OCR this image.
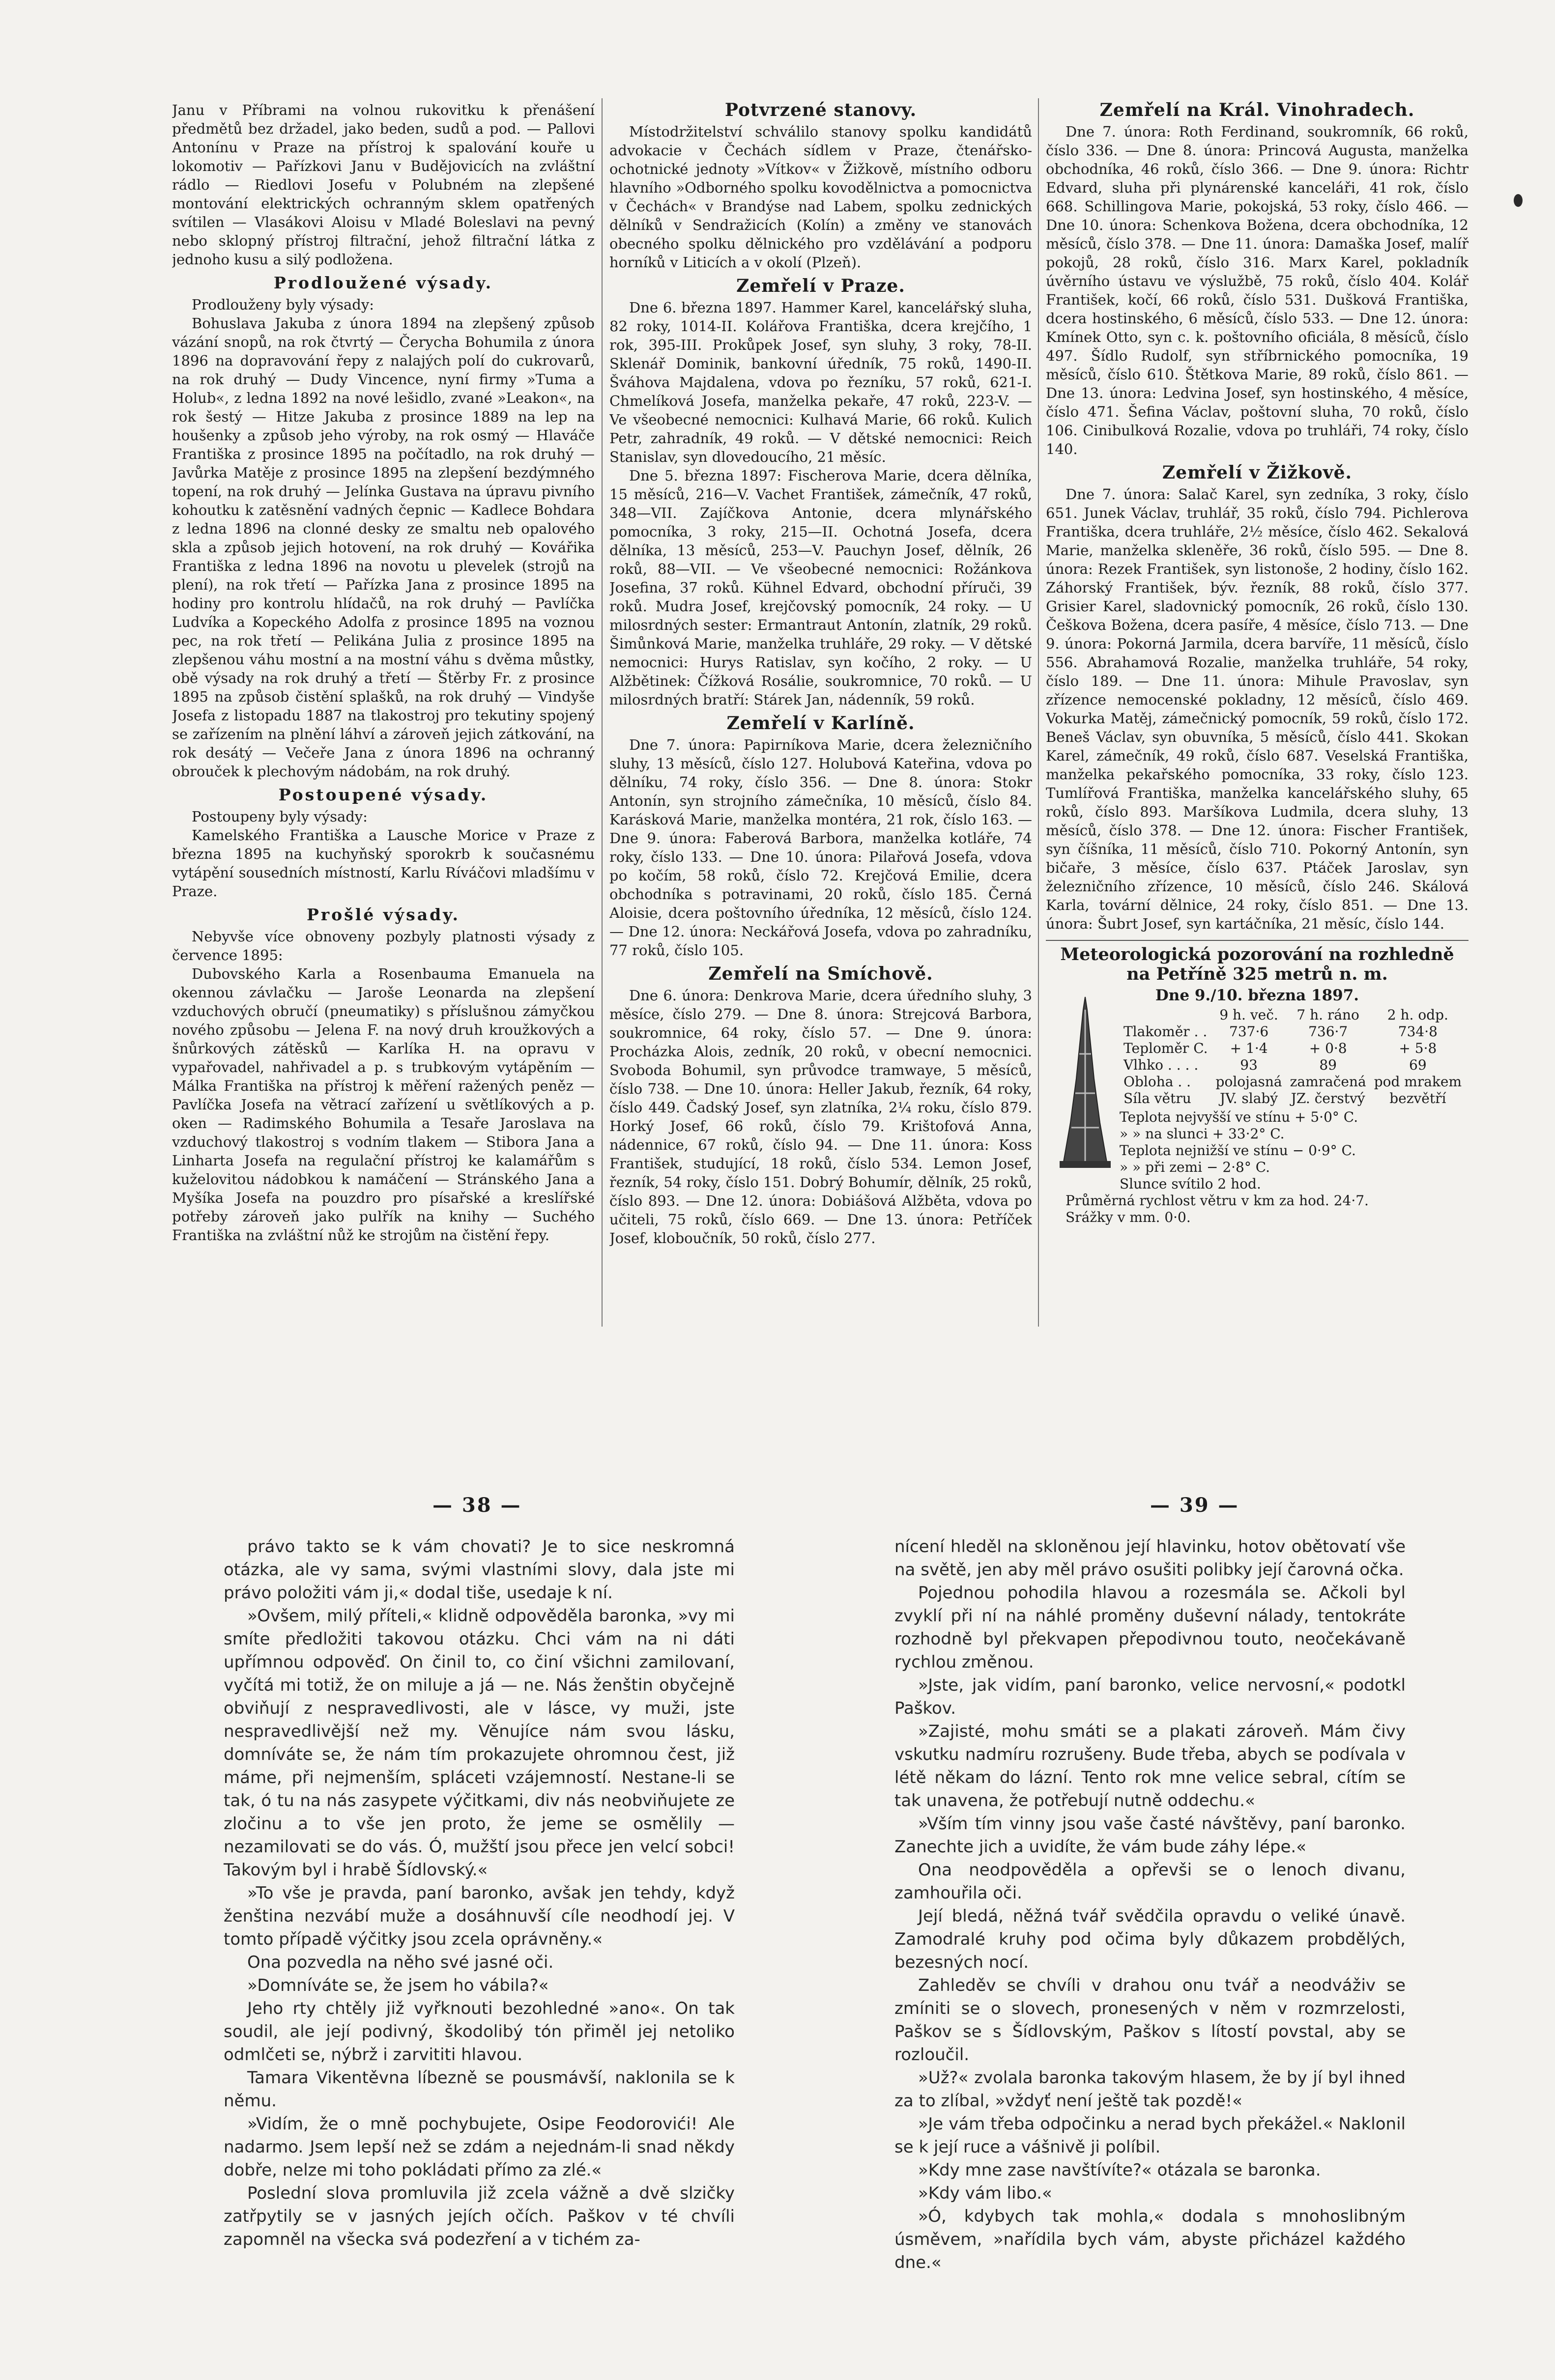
Janu v Příbrami na volnou rukovitku k přenášení předmětů bez držadel, jako beden, sudů a pod. — Pallovi Antonínu v Praze na přístroj k spalování kouře u lokomotiv — Pařízkovi Janu v Budějovicích na zvláštní rádlo — Riedlovi Josefu v Polubném na zlepšené montování elektrických ochranným sklem opatřených svítilen — Vlasákovi Aloisu v Mladé Boleslavi na pevný nebo sklopný přístroj filtrační, jehož filtrační látka z jednoho kusu a silý podložena.

Prodloužené výsady.

Prodlouženy byly výsady:

Bohuslava Jakuba z února 1894 na zlepšený způsob vázání snopů, na rok čtvrtý — Čerycha Bohumila z února 1896 na dopravování řepy z nalajých polí do cukrovarů, na rok druhý — Dudy Vincence, nyní firmy »Tuma a Holub«, z ledna 1892 na nové lešidlo, zvané »Leakon«, na rok šestý — Hitze Jakuba z prosince 1889 na lep na houšenky a způsob jeho výroby, na rok osmý — Hlaváče Františka z prosince 1895 na počítadlo, na rok druhý — Javůrka Matěje z prosince 1895 na zlepšení bezdýmného topení, na rok druhý — Jelínka Gustava na úpravu pivního kohoutku k zatěsnění vadných čepnic — Kadlece Bohdara z ledna 1896 na clonné desky ze smaltu neb opalového skla a způsob jejich hotovení, na rok druhý — Kovářika Františka z ledna 1896 na novotu u plevelek (strojů na plení), na rok třetí — Pařízka Jana z prosince 1895 na hodiny pro kontrolu hlídačů, na rok druhý — Pavlíčka Ludvíka a Kopeckého Adolfa z prosince 1895 na voznou pec, na rok třetí — Pelikána Julia z prosince 1895 na zlepšenou váhu mostní a na mostní váhu s dvěma můstky, obě výsady na rok druhý a třetí — Štěrby Fr. z prosince 1895 na způsob čistění splašků, na rok druhý — Vindyše Josefa z listopadu 1887 na tlakostroj pro tekutiny spojený se zařízením na plnění láhví a zároveň jejich zátkování, na rok desátý — Večeře Jana z února 1896 na ochranný obrouček k plechovým nádobám, na rok druhý.

Postoupené výsady.

Postoupeny byly výsady:

Kamelského Františka a Lausche Morice v Praze z března 1895 na kuchyňský sporokrb k současnému vytápění sousedních místností, Karlu Ríváčovi mladšímu v Praze.

Prošlé výsady.

Nebyvše více obnoveny pozbyly platnosti výsady z července 1895:

Dubovského Karla a Rosenbauma Emanuela na okennou závlačku — Jaroše Leonarda na zlepšení vzduchových obručí (pneumatiky) s příslušnou zámyčkou nového způsobu — Jelena F. na nový druh kroužkových a šnůrkových zátěsků — Karlíka H. na opravu v vypařovadel, nahřivadel a p. s trubkovým vytápěním — Málka Františka na přístroj k měření ražených peněz — Pavlíčka Josefa na větrací zařízení u světlíkových a p. oken — Radimského Bohumila a Tesaře Jaroslava na vzduchový tlakostroj s vodním tlakem — Stibora Jana a Linharta Josefa na regulační přístroj ke kalamářům s kuželovitou nádobkou k namáčení — Stránského Jana a Myšíka Josefa na pouzdro pro písařské a kreslířské potřeby zároveň jako pulřík na knihy — Suchého Františka na zvláštní nůž ke strojům na čistění řepy.

Potvrzené stanovy.

Místodržitelství schválilo stanovy spolku kandidátů advokacie v Čechách sídlem v Praze, čtenářsko-ochotnické jednoty »Vítkov« v Žižkově, místního odboru hlavního »Odborného spolku kovodělnictva a pomocnictva v Čechách« v Brandýse nad Labem, spolku zednických dělníků v Sendražicích (Kolín) a změny ve stanovách obecného spolku dělnického pro vzdělávání a podporu horníků v Liticích a v okolí (Plzeň).

Zemřelí v Praze.

Dne 6. března 1897. Hammer Karel, kancelářský sluha, 82 roky, 1014-II. Kolářova Františka, dcera krejčího, 1 rok, 395-III. Prokůpek Josef, syn sluhy, 3 roky, 78-II. Sklenář Dominik, bankovní úředník, 75 roků, 1490-II. Šváhova Majdalena, vdova po řezníku, 57 roků, 621-I. Chmelíková Josefa, manželka pekaře, 47 roků, 223-V. — Ve všeobecné nemocnici: Kulhavá Marie, 66 roků. Kulich Petr, zahradník, 49 roků. — V dětské nemocnici: Reich Stanislav, syn dlovedoucího, 21 měsíc.

Dne 5. března 1897: Fischerova Marie, dcera dělníka, 15 měsíců, 216—V. Vachet František, zámečník, 47 roků, 348—VII. Zajíčkova Antonie, dcera mlynářského pomocníka, 3 roky, 215—II. Ochotná Josefa, dcera dělníka, 13 měsíců, 253—V. Pauchyn Josef, dělník, 26 roků, 88—VII. — Ve všeobecné nemocnici: Rožánkova Josefina, 37 roků. Kühnel Edvard, obchodní příruči, 39 roků. Mudra Josef, krejčovský pomocník, 24 roky. — U milosrdných sester: Ermantraut Antonín, zlatník, 29 roků. Šimůnková Marie, manželka truhláře, 29 roky. — V dětské nemocnici: Hurys Ratislav, syn kočího, 2 roky. — U Alžbětinek: Čížková Rosálie, soukromnice, 70 roků. — U milosrdných bratří: Stárek Jan, nádenník, 59 roků.

Zemřelí v Karlíně.

Dne 7. února: Papirníkova Marie, dcera železničního sluhy, 13 měsíců, číslo 127. Holubová Kateřina, vdova po dělníku, 74 roky, číslo 356. — Dne 8. února: Stokr Antonín, syn strojního zámečníka, 10 měsíců, číslo 84. Karásková Marie, manželka montéra, 21 rok, číslo 163. — Dne 9. února: Faberová Barbora, manželka kotláře, 74 roky, číslo 133. — Dne 10. února: Pilařová Josefa, vdova po kočím, 58 roků, číslo 72. Krejčová Emilie, dcera obchodníka s potravinami, 20 roků, číslo 185. Černá Aloisie, dcera poštovního úředníka, 12 měsíců, číslo 124. — Dne 12. února: Neckářová Josefa, vdova po zahradníku, 77 roků, číslo 105.

Zemřelí na Smíchově.

Dne 6. února: Denkrova Marie, dcera úředního sluhy, 3 měsíce, číslo 279. — Dne 8. února: Strejcová Barbora, soukromnice, 64 roky, číslo 57. — Dne 9. února: Procházka Alois, zedník, 20 roků, v obecní nemocnici. Svoboda Bohumil, syn průvodce tramwaye, 5 měsíců, číslo 738. — Dne 10. února: Heller Jakub, řezník, 64 roky, číslo 449. Čadský Josef, syn zlatníka, 2¼ roku, číslo 879. Horký Josef, 66 roků, číslo 79. Krištofová Anna, nádennice, 67 roků, číslo 94. — Dne 11. února: Koss František, studující, 18 roků, číslo 534. Lemon Josef, řezník, 54 roky, číslo 151. Dobrý Bohumír, dělník, 25 roků, číslo 893. — Dne 12. února: Dobiášová Alžběta, vdova po učiteli, 75 roků, číslo 669. — Dne 13. února: Petříček Josef, kloboučník, 50 roků, číslo 277.

Zemřelí na Král. Vinohradech.

Dne 7. února: Roth Ferdinand, soukromník, 66 roků, číslo 336. — Dne 8. února: Princová Augusta, manželka obchodníka, 46 roků, číslo 366. — Dne 9. února: Richtr Edvard, sluha při plynárenské kanceláři, 41 rok, číslo 668. Schillingova Marie, pokojská, 53 roky, číslo 466. — Dne 10. února: Schenkova Božena, dcera obchodníka, 12 měsíců, číslo 378. — Dne 11. února: Damaška Josef, malíř pokojů, 28 roků, číslo 316. Marx Karel, pokladník úvěrního ústavu ve výslužbě, 75 roků, číslo 404. Kolář František, kočí, 66 roků, číslo 531. Dušková Františka, dcera hostinského, 6 měsíců, číslo 533. — Dne 12. února: Kmínek Otto, syn c. k. poštovního oficiála, 8 měsíců, číslo 497. Šídlo Rudolf, syn stříbrnického pomocníka, 19 měsíců, číslo 610. Štětkova Marie, 89 roků, číslo 861. — Dne 13. února: Ledvina Josef, syn hostinského, 4 měsíce, číslo 471. Šefina Václav, poštovní sluha, 70 roků, číslo 106. Cinibulková Rozalie, vdova po truhláři, 74 roky, číslo 140.

Zemřelí v Žižkově.

Dne 7. února: Salač Karel, syn zedníka, 3 roky, číslo 651. Junek Václav, truhlář, 35 roků, číslo 794. Pichlerova Františka, dcera truhláře, 2½ měsíce, číslo 462. Sekalová Marie, manželka skleněře, 36 roků, číslo 595. — Dne 8. února: Rezek František, syn listonoše, 2 hodiny, číslo 162. Záhorský František, býv. řezník, 88 roků, číslo 377. Grisier Karel, sladovnický pomocník, 26 roků, číslo 130. Češkova Božena, dcera pasíře, 4 měsíce, číslo 713. — Dne 9. února: Pokorná Jarmila, dcera barvíře, 11 měsíců, číslo 556. Abrahamová Rozalie, manželka truhláře, 54 roky, číslo 189. — Dne 11. února: Mihule Pravoslav, syn zřízence nemocenské pokladny, 12 měsíců, číslo 469. Vokurka Matěj, zámečnický pomocník, 59 roků, číslo 172. Beneš Václav, syn obuvníka, 5 měsíců, číslo 441. Skokan Karel, zámečník, 49 roků, číslo 687. Veselská Františka, manželka pekařského pomocníka, 33 roky, číslo 123. Tumlířová Františka, manželka kancelářského sluhy, 65 roků, číslo 893. Maršíkova Ludmila, dcera sluhy, 13 měsíců, číslo 378. — Dne 12. února: Fischer František, syn číšníka, 11 měsíců, číslo 710. Pokorný Antonín, syn bičaře, 3 měsíce, číslo 637. Ptáček Jaroslav, syn železničního zřízence, 10 měsíců, číslo 246. Skálová Karla, tovární dělnice, 24 roky, číslo 851. — Dne 13. února: Šubrt Josef, syn kartáčníka, 21 měsíc, číslo 144.

Meteorologická pozorování na rozhledně na Petříně 325 metrů n. m.
Dne 9./10. března 1897.
	9 h. več.	7 h. ráno	2 h. odp.
Tlakoměr . .	737·6	736·7	734·8
Teploměr C.	+ 1·4	+ 0·8	+ 5·8
Vlhko . . . .	93	89	69
Obloha . .	polojasná	zamračená	pod mrakem
Síla větru	JV. slabý	JZ. čerstvý	bezvětří
Teplota nejvyšší ve stínu + 5·0° C.
» » na slunci + 33·2° C.
Teplota nejnižší ve stínu − 0·9° C.
» » při zemi − 2·8° C.
Slunce svítilo 2 hod.
Průměrná rychlost větru v km za hod. 24·7.
Srážky v mm. 0·0.
— 38 —	— 39 —

právo takto se k vám chovati? Je to sice neskromná otázka, ale vy sama, svými vlastními slovy, dala jste mi právo položiti vám ji,« dodal tiše, usedaje k ní.

»Ovšem, milý příteli,« klidně odpověděla baronka, »vy mi smíte předložiti takovou otázku. Chci vám na ni dáti upřímnou odpověď. On činil to, co činí všichni zamilovaní, vyčítá mi totiž, že on miluje a já — ne. Nás ženštin obyčejně obviňují z nespravedlivosti, ale v lásce, vy muži, jste nespravedlivější než my. Věnujíce nám svou lásku, domníváte se, že nám tím prokazujete ohromnou čest, již máme, při nejmenším, spláceti vzájemností. Nestane-li se tak, ó tu na nás zasypete výčitkami, div nás neobviňujete ze zločinu a to vše jen proto, že jeme se osmělily — nezamilovati se do vás. Ó, mužští jsou přece jen velcí sobci! Takovým byl i hrabě Šídlovský.«

»To vše je pravda, paní baronko, avšak jen tehdy, když ženština nezvábí muže a dosáhnuvší cíle neodhodí jej. V tomto případě výčitky jsou zcela oprávněny.«

Ona pozvedla na něho své jasné oči.

»Domníváte se, že jsem ho vábila?«

Jeho rty chtěly již vyřknouti bezohledné »ano«. On tak soudil, ale její podivný, škodolibý tón přiměl jej netoliko odmlčeti se, nýbrž i zarvititi hlavou.

Tamara Vikentěvna líbezně se pousmávší, naklonila se k němu.

»Vidím, že o mně pochybujete, Osipe Feodorovići! Ale nadarmo. Jsem lepší než se zdám a nejednám-li snad někdy dobře, nelze mi toho pokládati přímo za zlé.«

Poslední slova promluvila již zcela vážně a dvě slzičky zatřpytily se v jasných jejích očích. Paškov v té chvíli zapomněl na všecka svá podezření a v tichém za-

nícení hleděl na skloněnou její hlavinku, hotov obětovatí vše na světě, jen aby měl právo osušiti polibky její čarovná očka.

Pojednou pohodila hlavou a rozesmála se. Ačkoli byl zvyklí při ní na náhlé proměny duševní nálady, tentokráte rozhodně byl překvapen přepodivnou touto, neočekávaně rychlou změnou.

»Jste, jak vidím, paní baronko, velice nervosní,« podotkl Paškov.

»Zajisté, mohu smáti se a plakati zároveň. Mám čivy vskutku nadmíru rozrušeny. Bude třeba, abych se podívala v létě někam do lázní. Tento rok mne velice sebral, cítím se tak unavena, že potřebují nutně oddechu.«

»Vším tím vinny jsou vaše časté návštěvy, paní baronko. Zanechte jich a uvidíte, že vám bude záhy lépe.«

Ona neodpověděla a opřevši se o lenoch divanu, zamhouřila oči.

Její bledá, něžná tvář svědčila opravdu o veliké únavě. Zamodralé kruhy pod očima byly důkazem probdělých, bezesných nocí.

Zahleděv se chvíli v drahou onu tvář a neodváživ se zmíniti se o slovech, pronesených v něm v rozmrzelosti, Paškov se s Šídlovským, Paškov s lítostí povstal, aby se rozloučil.

»Už?« zvolala baronka takovým hlasem, že by jí byl ihned za to zlíbal, »vždyť není ještě tak pozdě!«

»Je vám třeba odpočinku a nerad bych překážel.« Naklonil se k její ruce a vášnivě ji políbil.

»Kdy mne zase navštívíte?« otázala se baronka.

»Kdy vám libo.«

»Ó, kdybych tak mohla,« dodala s mnohoslibným úsměvem, »nařídila bych vám, abyste přicházel každého dne.«
